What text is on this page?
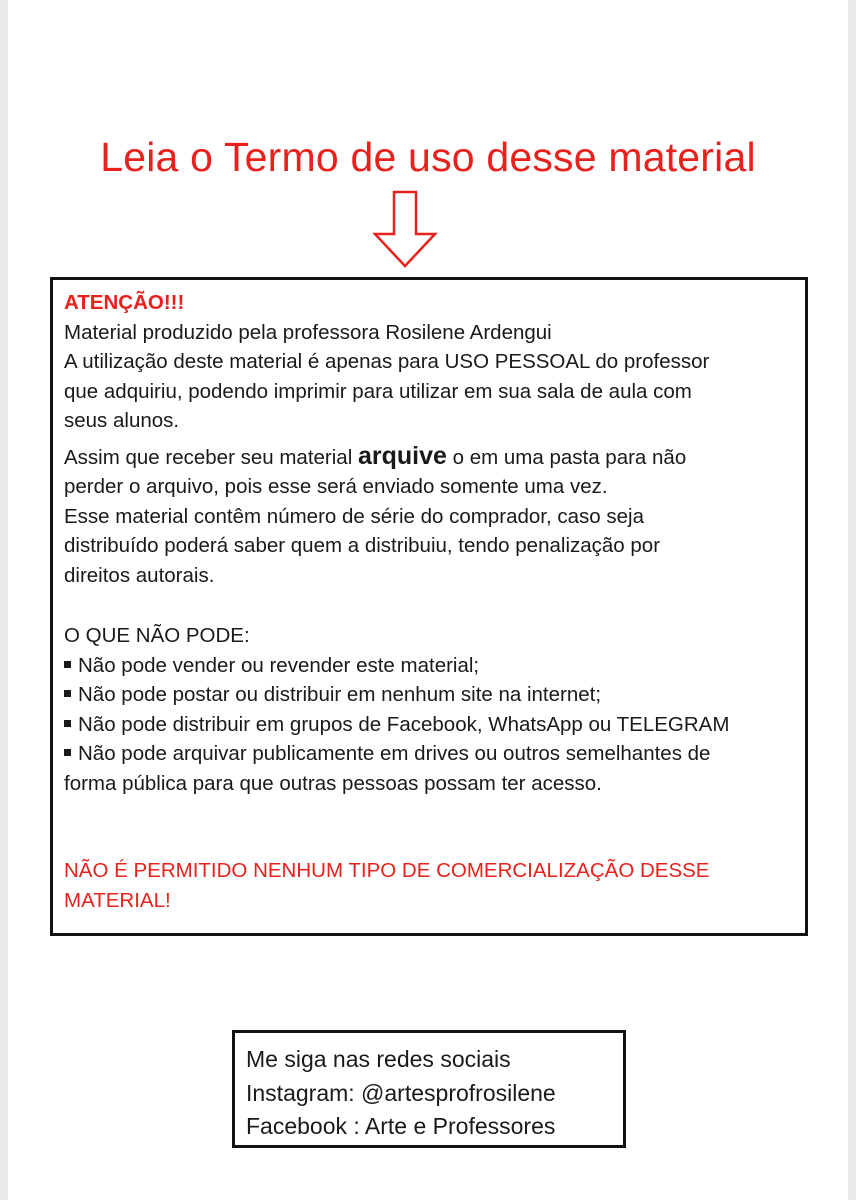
Leia o Termo de uso desse material

ATENÇÃO!!!

Material produzido pela professora Rosilene Ardengui

A utilização deste material é apenas para USO PESSOAL do professor

que adquiriu, podendo imprimir para utilizar em sua sala de aula com

seus alunos.

Assim que receber seu material arquive o em uma pasta para não

perder o arquivo, pois esse será enviado somente uma vez.

Esse material contêm número de série do comprador, caso seja

distribuído poderá saber quem a distribuiu, tendo penalização por

direitos autorais.

O QUE NÃO PODE:

Não pode vender ou revender este material;

Não pode postar ou distribuir em nenhum site na internet;

Não pode distribuir em grupos de Facebook, WhatsApp ou TELEGRAM

Não pode arquivar publicamente em drives ou outros semelhantes de

forma pública para que outras pessoas possam ter acesso.

NÃO É PERMITIDO NENHUM TIPO DE COMERCIALIZAÇÃO DESSE

MATERIAL!

Me siga nas redes sociais

Instagram: @artesprofrosilene

Facebook : Arte e Professores
